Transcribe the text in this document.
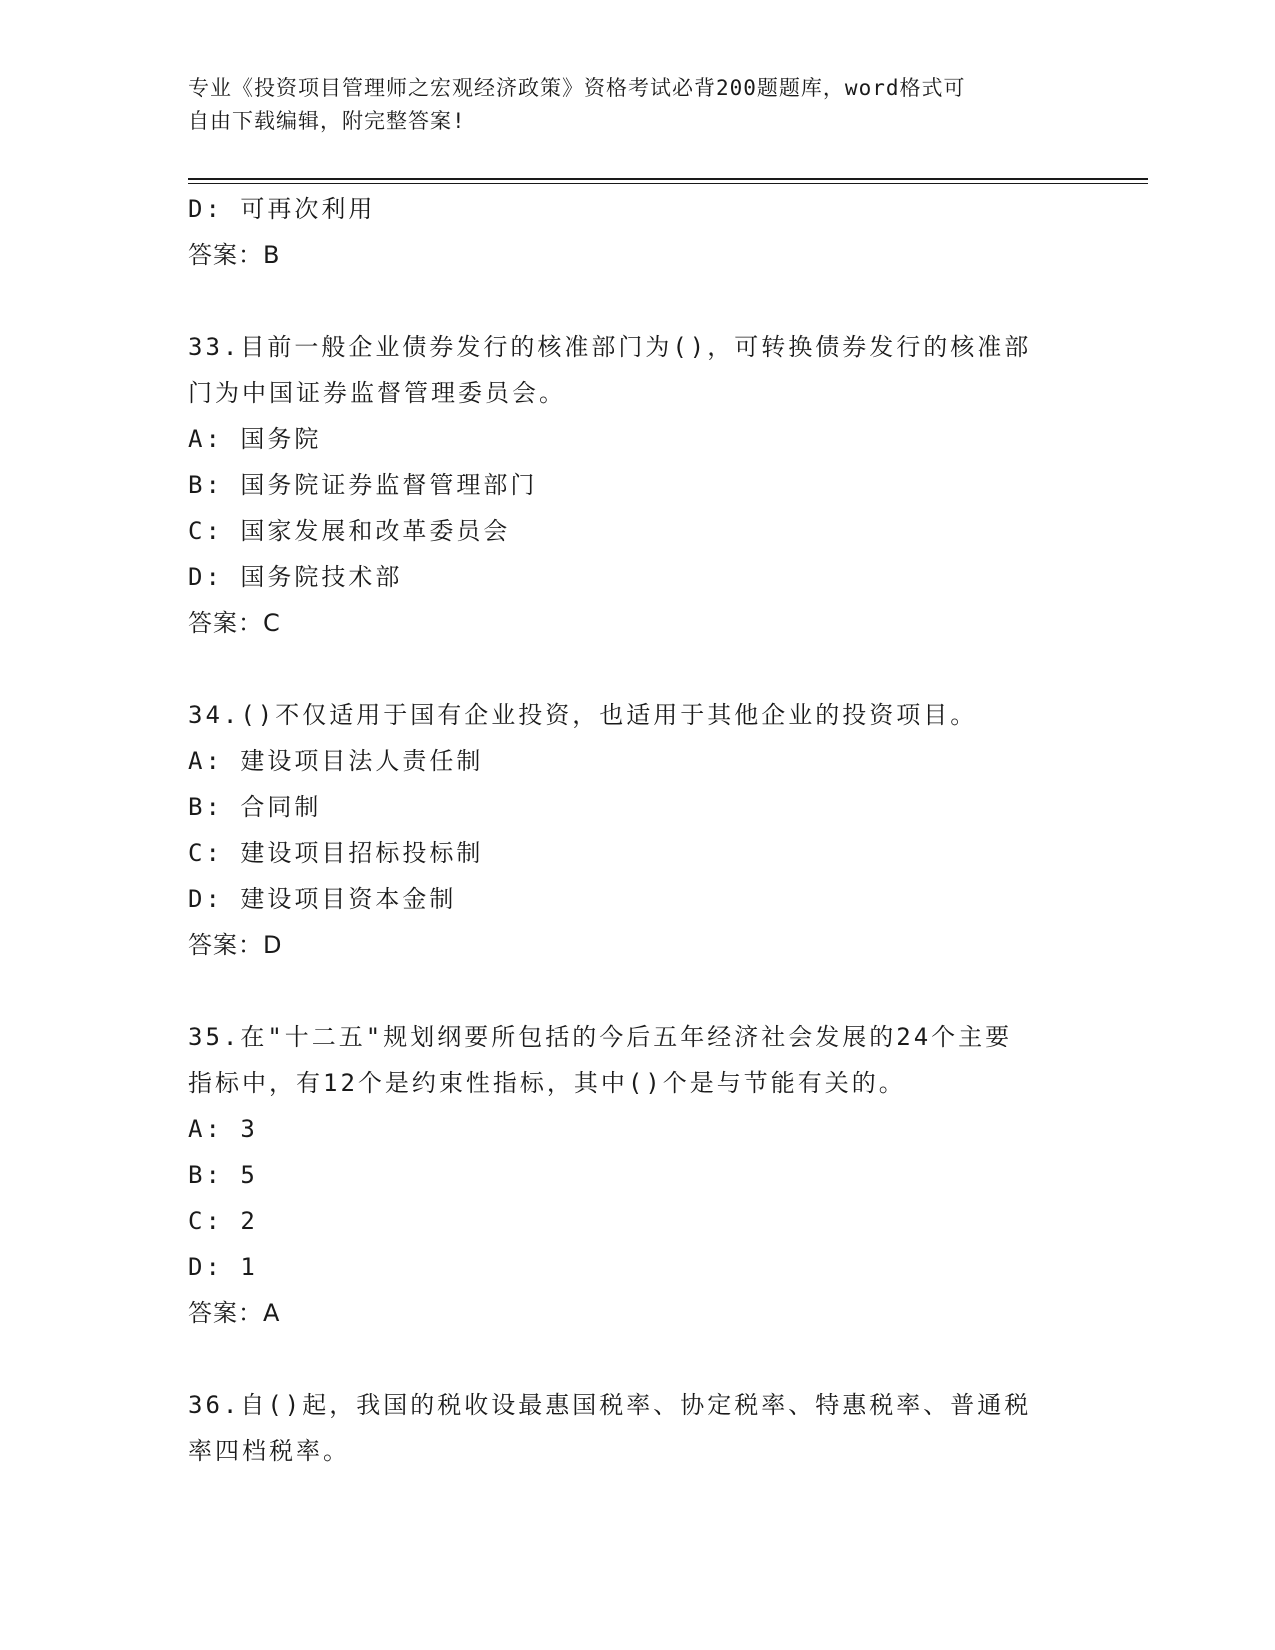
专业《投资项目管理师之宏观经济政策》资格考试必背200题题库，word格式可
自由下载编辑，附完整答案!
D: 可再次利用
答案：B
33.目前一般企业债券发行的核准部门为()，可转换债券发行的核准部
门为中国证券监督管理委员会。
A: 国务院
B: 国务院证券监督管理部门
C: 国家发展和改革委员会
D: 国务院技术部
答案：C
34.()不仅适用于国有企业投资，也适用于其他企业的投资项目。
A: 建设项目法人责任制
B: 合同制
C: 建设项目招标投标制
D: 建设项目资本金制
答案：D
35.在"十二五"规划纲要所包括的今后五年经济社会发展的24个主要
指标中，有12个是约束性指标，其中()个是与节能有关的。
A: 3
B: 5
C: 2
D: 1
答案：A
36.自()起，我国的税收设最惠国税率、协定税率、特惠税率、普通税
率四档税率。
